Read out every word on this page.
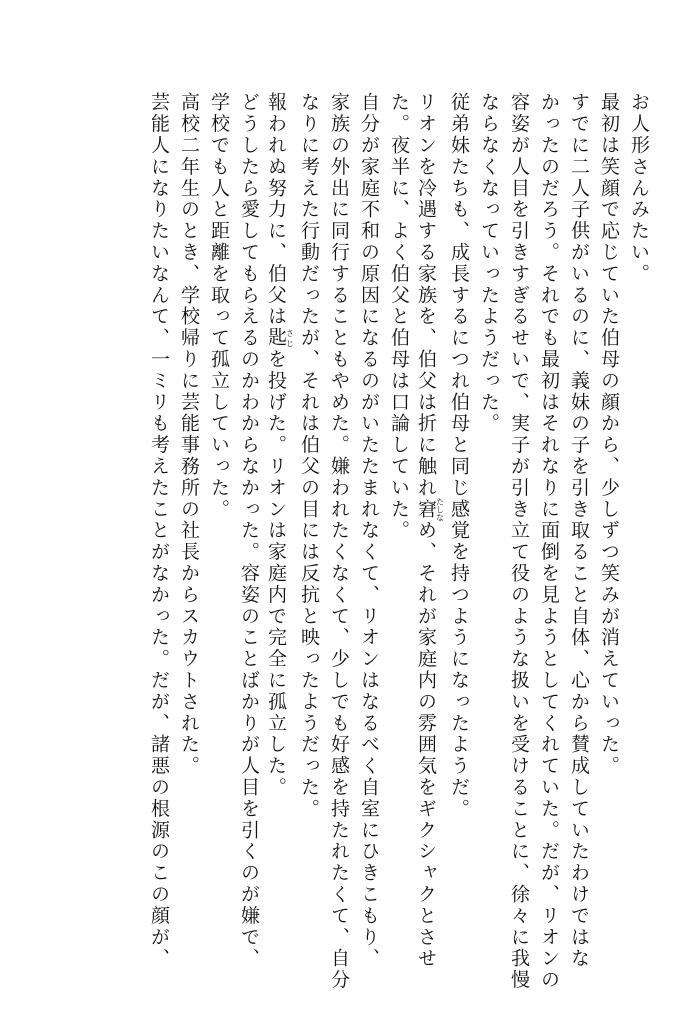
お人形さんみたい。
最初は笑顔で応じていた伯母の顔から、少しずつ笑みが消えていった。
すでに二人子供がいるのに、義妹の子を引き取ること自体、心から賛成していたわけではな
かったのだろう。それでも最初はそれなりに面倒を見ようとしてくれていた。だが、リオンの
容姿が人目を引きすぎるせいで、実子が引き立て役のような扱いを受けることに、徐々に我慢
ならなくなっていったようだった。
従弟妹たちも、成長するにつれ伯母と同じ感覚を持つようになったようだ。
リオンを冷遇する家族を、伯父は折に触れ窘たしなめ、それが家庭内の雰囲気をギクシャクとさせ
た。夜半に、よく伯父と伯母は口論していた。
自分が家庭不和の原因になるのがいたたまれなくて、リオンはなるべく自室にひきこもり、
家族の外出に同行することもやめた。嫌われたくなくて、少しでも好感を持たれたくて、自分
なりに考えた行動だったが、それは伯父の目には反抗と映ったようだった。
報われぬ努力に、伯父は匙さじを投げた。リオンは家庭内で完全に孤立した。
どうしたら愛してもらえるのかわからなかった。容姿のことばかりが人目を引くのが嫌で、
学校でも人と距離を取って孤立していった。
高校二年生のとき、学校帰りに芸能事務所の社長からスカウトされた。
芸能人になりたいなんて、一ミリも考えたことがなかった。だが、諸悪の根源のこの顔が、
